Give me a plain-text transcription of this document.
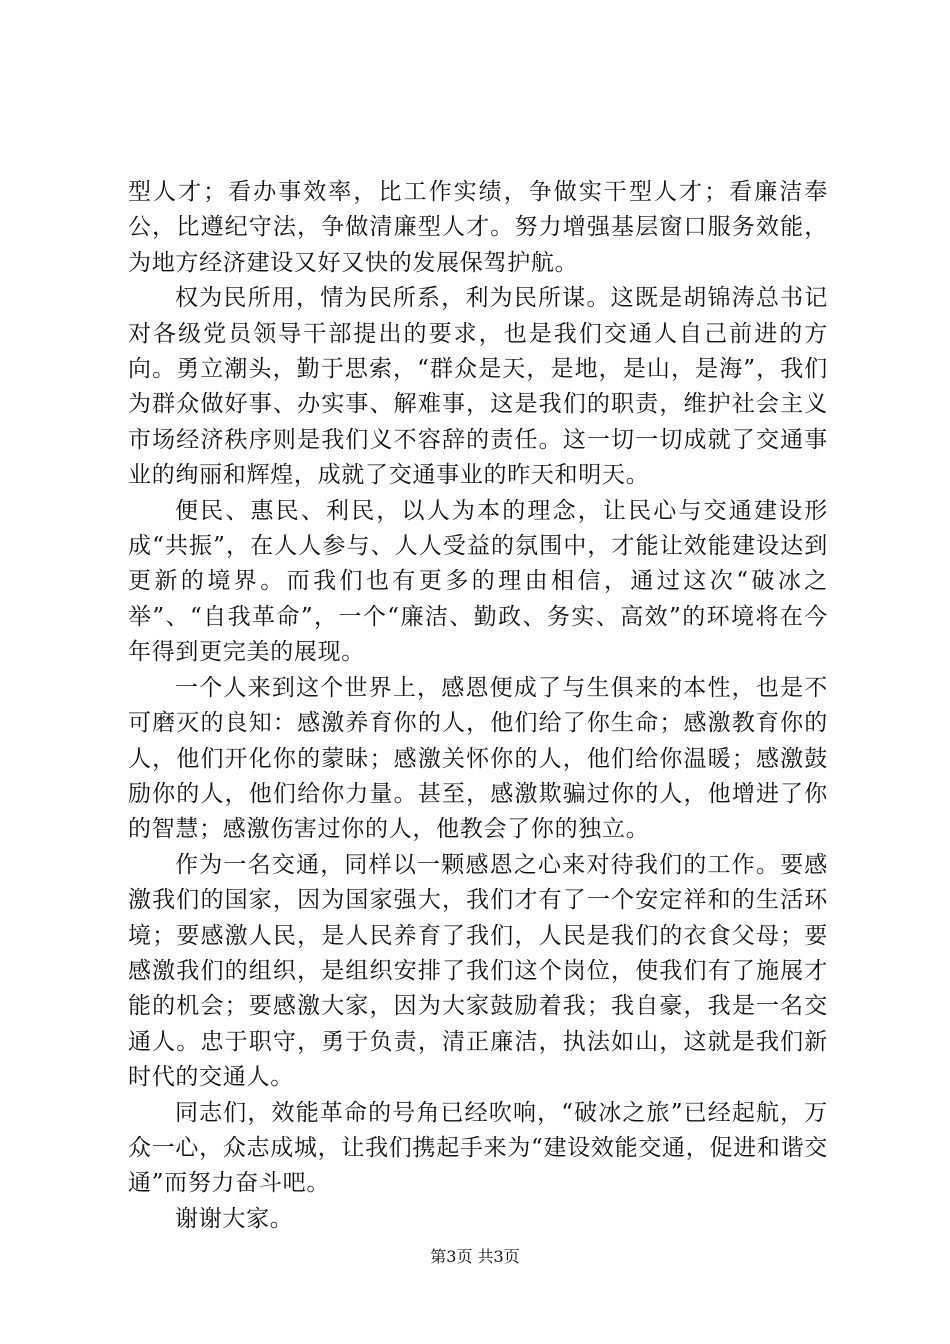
型人才；看办事效率，比工作实绩，争做实干型人才；看廉洁奉公，比遵纪守法，争做清廉型人才。努力增强基层窗口服务效能，为地方经济建设又好又快的发展保驾护航。

权为民所用，情为民所系，利为民所谋。这既是胡锦涛总书记对各级党员领导干部提出的要求，也是我们交通人自己前进的方向。勇立潮头，勤于思索，“群众是天，是地，是山，是海”，我们为群众做好事、办实事、解难事，这是我们的职责，维护社会主义市场经济秩序则是我们义不容辞的责任。这一切一切成就了交通事业的绚丽和辉煌，成就了交通事业的昨天和明天。

便民、惠民、利民，以人为本的理念，让民心与交通建设形成“共振”，在人人参与、人人受益的氛围中，才能让效能建设达到更新的境界。而我们也有更多的理由相信，通过这次“破冰之举”、“自我革命”，一个“廉洁、勤政、务实、高效”的环境将在今年得到更完美的展现。

一个人来到这个世界上，感恩便成了与生俱来的本性，也是不可磨灭的良知：感激养育你的人，他们给了你生命；感激教育你的人，他们开化你的蒙昧；感激关怀你的人，他们给你温暖；感激鼓励你的人，他们给你力量。甚至，感激欺骗过你的人，他增进了你的智慧；感激伤害过你的人，他教会了你的独立。

作为一名交通，同样以一颗感恩之心来对待我们的工作。要感激我们的国家，因为国家强大，我们才有了一个安定祥和的生活环境；要感激人民，是人民养育了我们，人民是我们的衣食父母；要感激我们的组织，是组织安排了我们这个岗位，使我们有了施展才能的机会；要感激大家，因为大家鼓励着我；我自豪，我是一名交通人。忠于职守，勇于负责，清正廉洁，执法如山，这就是我们新时代的交通人。

同志们，效能革命的号角已经吹响，“破冰之旅”已经起航，万众一心，众志成城，让我们携起手来为“建设效能交通，促进和谐交通”而努力奋斗吧。

谢谢大家。

第3页 共3页
